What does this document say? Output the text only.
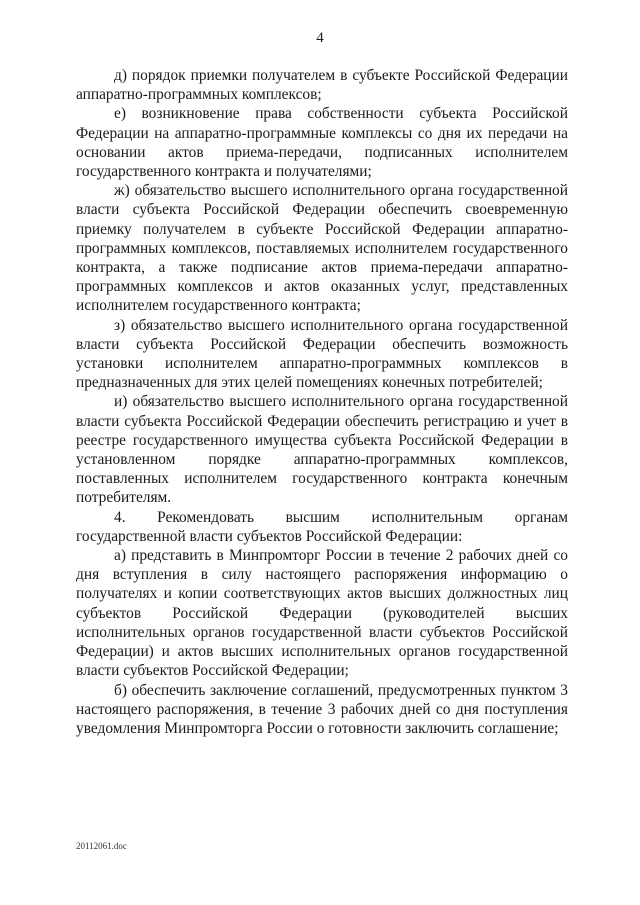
4

д) порядок приемки получателем в субъекте Российской Федерации аппаратно-программных комплексов;

е) возникновение права собственности субъекта Российской Федерации на аппаратно-программные комплексы со дня их передачи на основании актов приема-передачи, подписанных исполнителем государственного контракта и получателями;

ж) обязательство высшего исполнительного органа государственной власти субъекта Российской Федерации обеспечить своевременную приемку получателем в субъекте Российской Федерации аппаратно-программных комплексов, поставляемых исполнителем государственного контракта, а также подписание актов приема-передачи аппаратно-программных комплексов и актов оказанных услуг, представленных исполнителем государственного контракта;

з) обязательство высшего исполнительного органа государственной власти субъекта Российской Федерации обеспечить возможность установки исполнителем аппаратно-программных комплексов в предназначенных для этих целей помещениях конечных потребителей;

и) обязательство высшего исполнительного органа государственной власти субъекта Российской Федерации обеспечить регистрацию и учет в реестре государственного имущества субъекта Российской Федерации в установленном порядке аппаратно-программных комплексов, поставленных исполнителем государственного контракта конечным потребителям.

4. Рекомендовать высшим исполнительным органам государственной власти субъектов Российской Федерации:

а) представить в Минпромторг России в течение 2 рабочих дней со дня вступления в силу настоящего распоряжения информацию о получателях и копии соответствующих актов высших должностных лиц субъектов Российской Федерации (руководителей высших исполнительных органов государственной власти субъектов Российской Федерации) и актов высших исполнительных органов государственной власти субъектов Российской Федерации;

б) обеспечить заключение соглашений, предусмотренных пунктом 3 настоящего распоряжения, в течение 3 рабочих дней со дня поступления уведомления Минпромторга России о готовности заключить соглашение;

20112061.doc
